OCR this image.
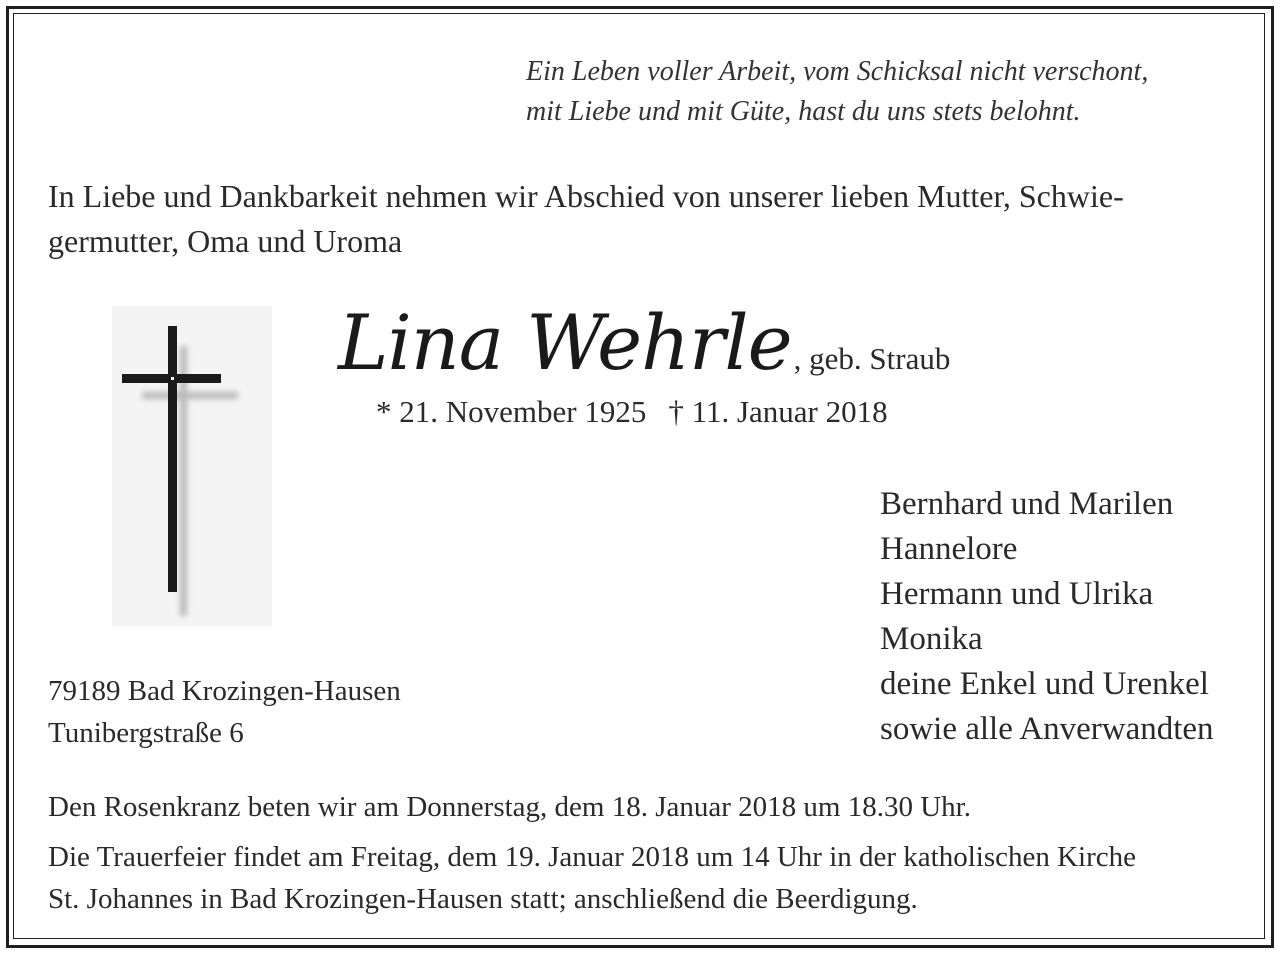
Ein Leben voller Arbeit, vom Schicksal nicht verschont,
mit Liebe und mit Güte, hast du uns stets belohnt.
In Liebe und Dankbarkeit nehmen wir Abschied von unserer lieben Mutter, Schwie-
germutter, Oma und Uroma
Lina Wehrle, geb. Straub
* 21. November 1925 † 11. Januar 2018
Bernhard und Marilen
Hannelore
Hermann und Ulrika
Monika
deine Enkel und Urenkel
sowie alle Anverwandten
79189 Bad Krozingen-Hausen
Tunibergstraße 6
Den Rosenkranz beten wir am Donnerstag, dem 18. Januar 2018 um 18.30 Uhr.
Die Trauerfeier findet am Freitag, dem 19. Januar 2018 um 14 Uhr in der katholischen Kirche
St. Johannes in Bad Krozingen-Hausen statt; anschließend die Beerdigung.
